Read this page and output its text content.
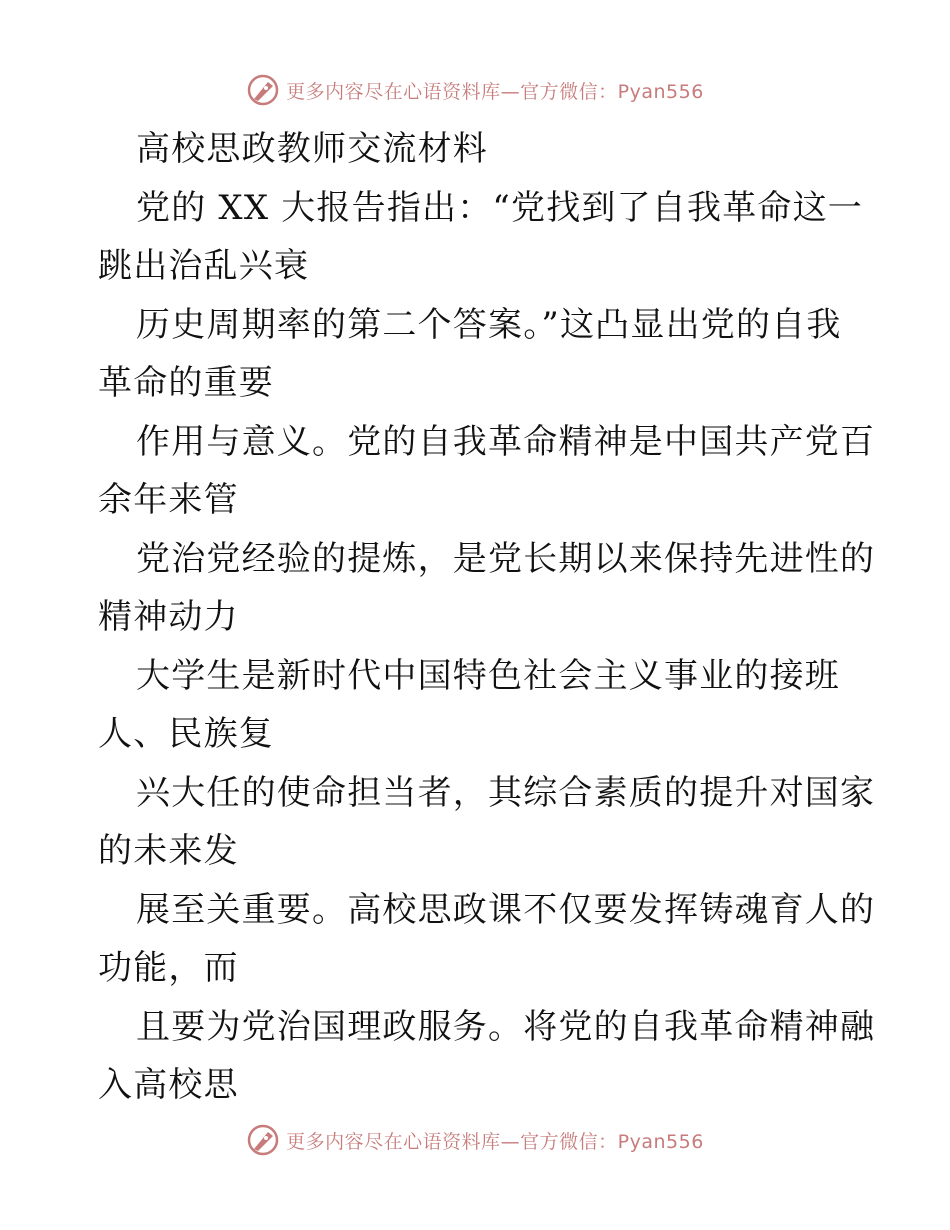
更多内容尽在心语资料库—官方微信：Pyan556
高校思政教师交流材料
党的 XX 大报告指出：“党找到了自我革命这一
跳出治乱兴衰
历史周期率的第二个答案。”这凸显出党的自我
革命的重要
作用与意义。党的自我革命精神是中国共产党百
余年来管
党治党经验的提炼，是党长期以来保持先进性的
精神动力
大学生是新时代中国特色社会主义事业的接班
人、民族复
兴大任的使命担当者，其综合素质的提升对国家
的未来发
展至关重要。高校思政课不仅要发挥铸魂育人的
功能，而
且要为党治国理政服务。将党的自我革命精神融
入高校思
更多内容尽在心语资料库—官方微信：Pyan556
